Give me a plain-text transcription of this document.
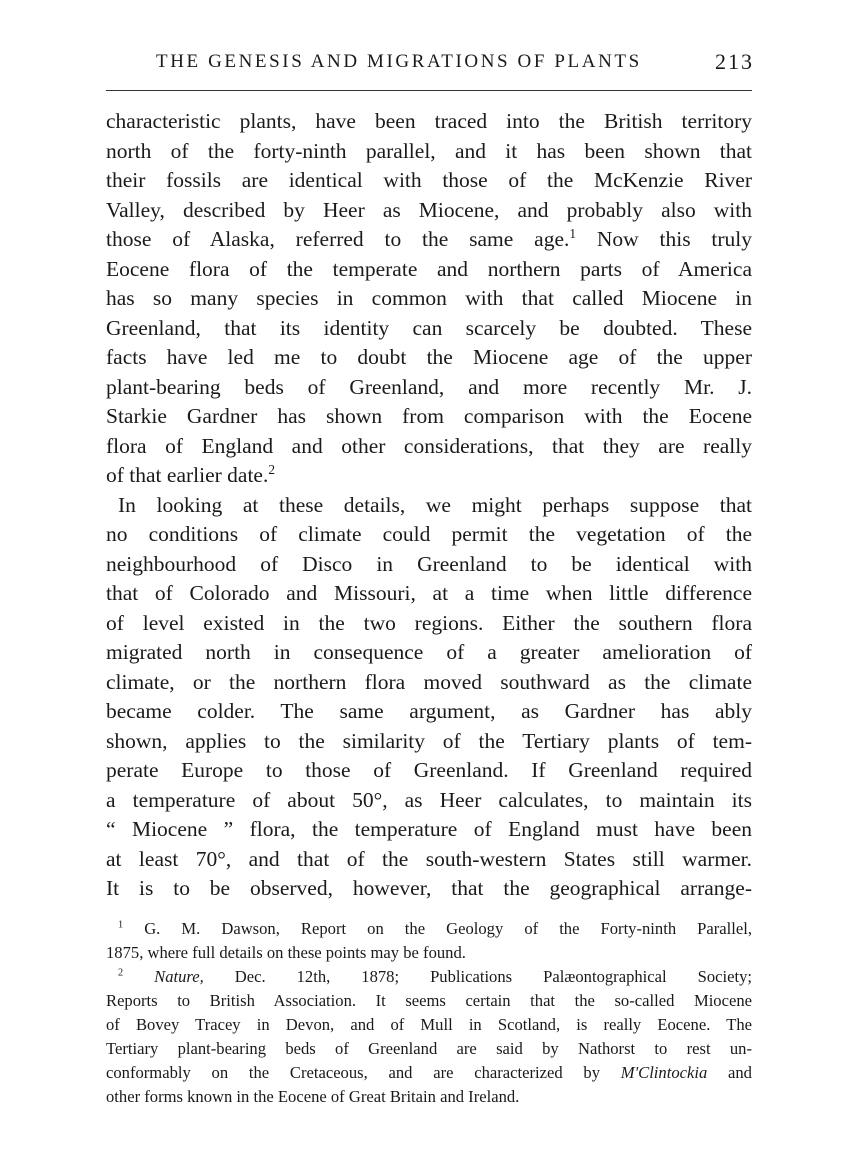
THE GENESIS AND MIGRATIONS OF PLANTS	213
characteristic plants, have been traced into the British territory
north of the forty-ninth parallel, and it has been shown that
their fossils are identical with those of the McKenzie River
Valley, described by Heer as Miocene, and probably also with
those of Alaska, referred to the same age.$^1$ Now this truly
Eocene flora of the temperate and northern parts of America
has so many species in common with that called Miocene in
Greenland, that its identity can scarcely be doubted. These
facts have led me to doubt the Miocene age of the upper
plant-bearing beds of Greenland, and more recently Mr. J.
Starkie Gardner has shown from comparison with the Eocene
flora of England and other considerations, that they are really
of that earlier date.$^2$
In looking at these details, we might perhaps suppose that
no conditions of climate could permit the vegetation of the
neighbourhood of Disco in Greenland to be identical with
that of Colorado and Missouri, at a time when little difference
of level existed in the two regions. Either the southern flora
migrated north in consequence of a greater amelioration of
climate, or the northern flora moved southward as the climate
became colder. The same argument, as Gardner has ably
shown, applies to the similarity of the Tertiary plants of tem-
perate Europe to those of Greenland. If Greenland required
a temperature of about 50°, as Heer calculates, to maintain its
“ Miocene ” flora, the temperature of England must have been
at least 70°, and that of the south-western States still warmer.
It is to be observed, however, that the geographical arrange-
$^1$ G. M. Dawson, Report on the Geology of the Forty-ninth Parallel,
1875, where full details on these points may be found.
$^2$ Nature, Dec. 12th, 1878; Publications Palæontographical Society;
Reports to British Association. It seems certain that the so-called Miocene
of Bovey Tracey in Devon, and of Mull in Scotland, is really Eocene. The
Tertiary plant-bearing beds of Greenland are said by Nathorst to rest un-
conformably on the Cretaceous, and are characterized by M'Clintockia and
other forms known in the Eocene of Great Britain and Ireland.
